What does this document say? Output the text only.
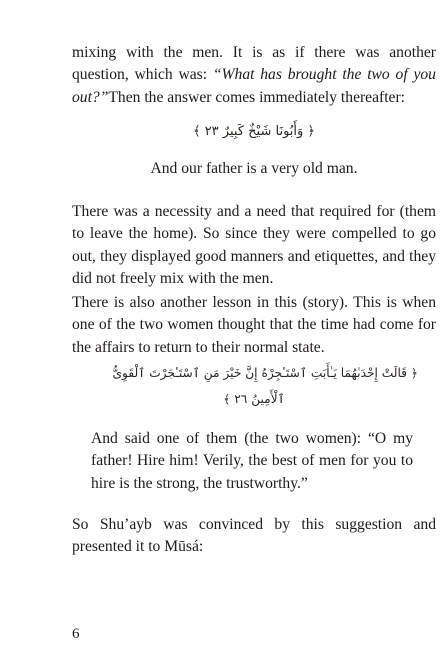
mixing with the men. It is as if there was another question, which was: “What has brought the two of you out?”Then the answer comes immediately thereafter:

﴿ وَأَبُونَا شَيْخٌ كَبِيرٌ ٢٣ ﴾
And our father is a very old man.

There was a necessity and a need that required for (them to leave the home). So since they were compelled to go out, they displayed good manners and etiquettes, and they did not freely mix with the men.

There is also another lesson in this (story). This is when one of the two women thought that the time had come for the affairs to return to their normal state.

﴿ قَالَتْ إِحْدَىٰهُمَا يَـٰأَبَتِ ٱسْتَـٔجِرْهُ إِنَّ خَيْرَ مَنِ ٱسْتَـٔجَرْتَ ٱلْقَوِىُّ
ٱلْأَمِينُ ٢٦ ﴾

And said one of them (the two women): “O my father! Hire him! Verily, the best of men for you to hire is the strong, the trustworthy.”

So Shu’ayb was convinced by this suggestion and presented it to Mūsá:

6
